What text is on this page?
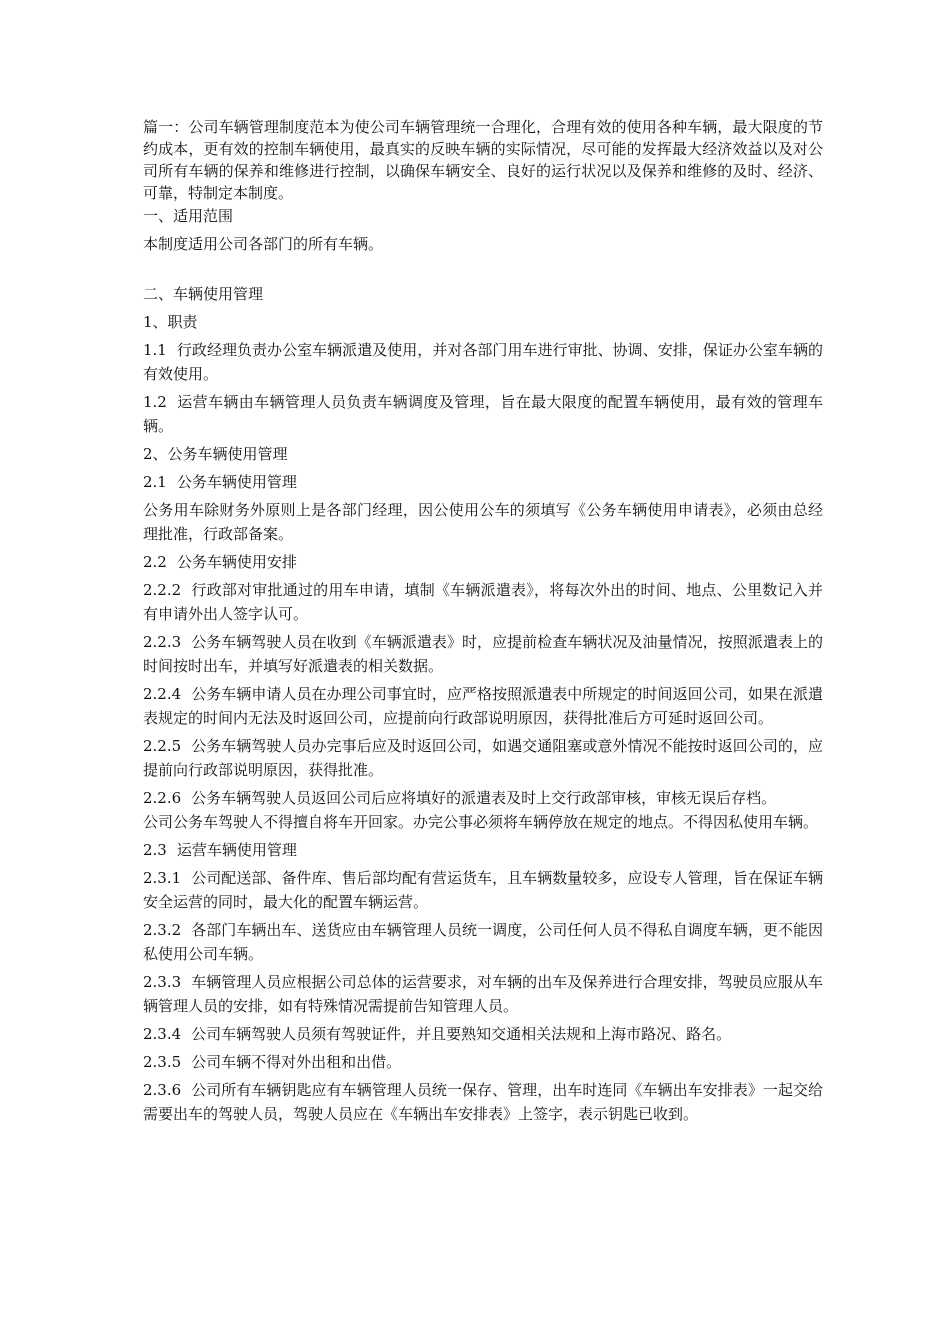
篇一：公司车辆管理制度范本为使公司车辆管理统一合理化，合理有效的使用各种车辆，最大限度的节约成本，更有效的控制车辆使用，最真实的反映车辆的实际情况，尽可能的发挥最大经济效益以及对公司所有车辆的保养和维修进行控制，以确保车辆安全、良好的运行状况以及保养和维修的及时、经济、可靠，特制定本制度。

一、适用范围

本制度适用公司各部门的所有车辆。

二、车辆使用管理

1、职责

1.1 行政经理负责办公室车辆派遣及使用，并对各部门用车进行审批、协调、安排，保证办公室车辆的有效使用。

1.2 运营车辆由车辆管理人员负责车辆调度及管理，旨在最大限度的配置车辆使用，最有效的管理车辆。

2、公务车辆使用管理

2.1 公务车辆使用管理

公务用车除财务外原则上是各部门经理，因公使用公车的须填写《公务车辆使用申请表》，必须由总经理批准，行政部备案。

2.2 公务车辆使用安排

2.2.2 行政部对审批通过的用车申请，填制《车辆派遣表》，将每次外出的时间、地点、公里数记入并有申请外出人签字认可。

2.2.3 公务车辆驾驶人员在收到《车辆派遣表》时，应提前检查车辆状况及油量情况，按照派遣表上的时间按时出车，并填写好派遣表的相关数据。

2.2.4 公务车辆申请人员在办理公司事宜时，应严格按照派遣表中所规定的时间返回公司，如果在派遣表规定的时间内无法及时返回公司，应提前向行政部说明原因，获得批准后方可延时返回公司。

2.2.5 公务车辆驾驶人员办完事后应及时返回公司，如遇交通阻塞或意外情况不能按时返回公司的，应提前向行政部说明原因，获得批准。

2.2.6 公务车辆驾驶人员返回公司后应将填好的派遣表及时上交行政部审核，审核无误后存档。

公司公务车驾驶人不得擅自将车开回家。办完公事必须将车辆停放在规定的地点。不得因私使用车辆。

2.3 运营车辆使用管理

2.3.1 公司配送部、备件库、售后部均配有营运货车，且车辆数量较多，应设专人管理，旨在保证车辆安全运营的同时，最大化的配置车辆运营。

2.3.2 各部门车辆出车、送货应由车辆管理人员统一调度，公司任何人员不得私自调度车辆，更不能因私使用公司车辆。

2.3.3 车辆管理人员应根据公司总体的运营要求，对车辆的出车及保养进行合理安排，驾驶员应服从车辆管理人员的安排，如有特殊情况需提前告知管理人员。

2.3.4 公司车辆驾驶人员须有驾驶证件，并且要熟知交通相关法规和上海市路况、路名。

2.3.5 公司车辆不得对外出租和出借。

2.3.6 公司所有车辆钥匙应有车辆管理人员统一保存、管理，出车时连同《车辆出车安排表》一起交给需要出车的驾驶人员，驾驶人员应在《车辆出车安排表》上签字，表示钥匙已收到。
